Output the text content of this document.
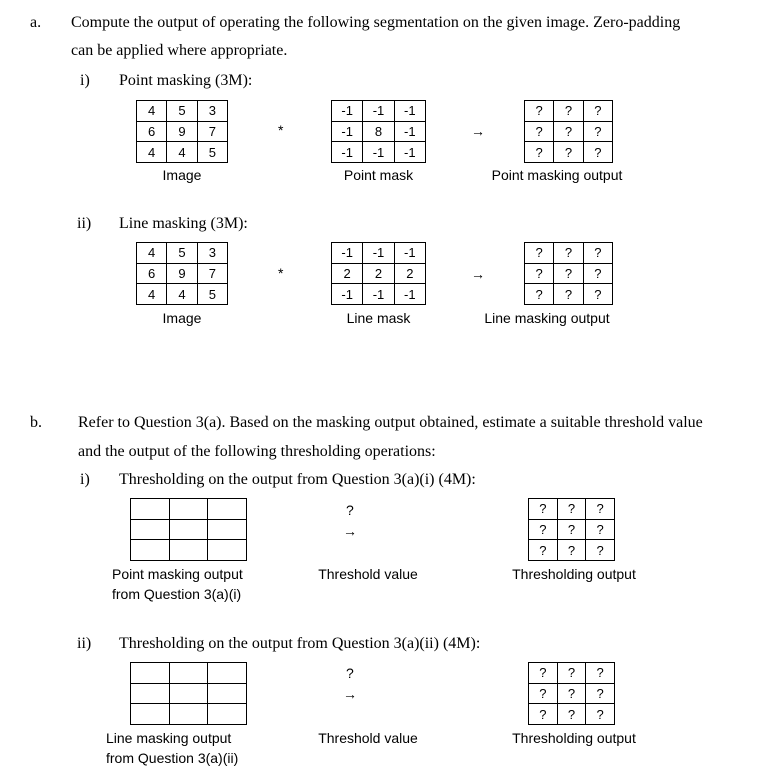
a. Compute the output of operating the following segmentation on the given image. Zero-padding
can be applied where appropriate.
i) Point masking (3M):
4	5	3
6	9	7
4	4	5
*
-1	-1	-1
-1	8	-1
-1	-1	-1
→
?	?	?
?	?	?
?	?	?
Image	Point mask	Point masking output
ii) Line masking (3M):
4	5	3
6	9	7
4	4	5
*
-1	-1	-1
2	2	2
-1	-1	-1
→
?	?	?
?	?	?
?	?	?
Image	Line mask	Line masking output
b. Refer to Question 3(a). Based on the masking output obtained, estimate a suitable threshold value
and the output of the following thresholding operations:
i) Thresholding on the output from Question 3(a)(i) (4M):

?
→
?	?	?
?	?	?
?	?	?
Point masking output
from Question 3(a)(i)
Threshold value	Thresholding output
ii) Thresholding on the output from Question 3(a)(ii) (4M):

?
→
?	?	?
?	?	?
?	?	?
Line masking output
from Question 3(a)(ii)
Threshold value	Thresholding output
